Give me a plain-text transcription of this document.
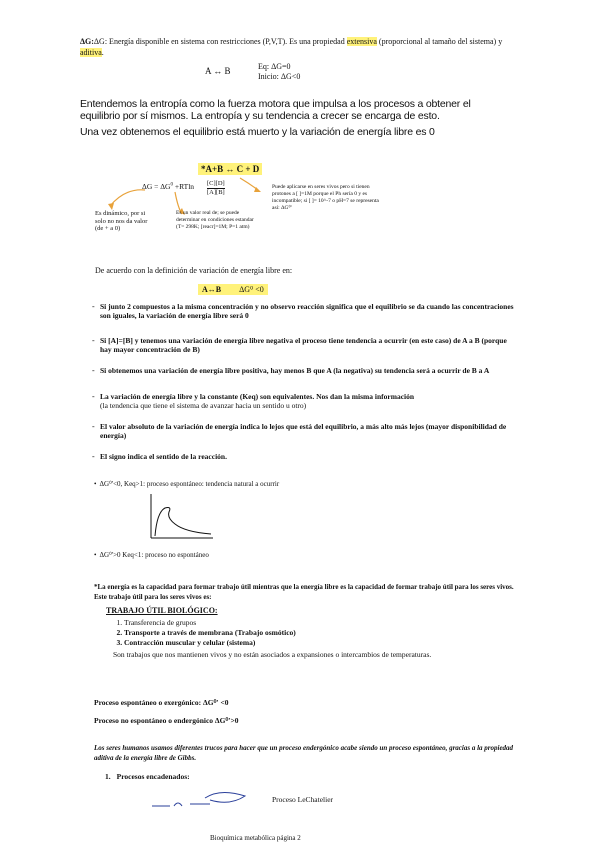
ΔG:ΔG: Energía disponible en sistema con restricciones (P,V,T). Es una propiedad extensiva (proporcional al tamaño del sistema) y aditiva.
A ↔ B	Eq: ΔG=0
Inicio: ΔG<0
Entendemos la entropía como la fuerza motora que impulsa a los procesos a obtener el equilibrio por sí mismos. La entropía y su tendencia a crecer se encarga de esto.
Una vez obtenemos el equilibrio está muerto y la variación de energía libre es 0
*A+B ↔ C + D
$\Delta G = \Delta G^0 +RTln \frac{[C][D]}{[A][B]}$
Es dinámico, por si solo no nos da valor (de + a 0)
Es un valor real de; se puede determinar en condiciones estandar (T= 298K; [reacr]=1M; P=1 atm)
Puede aplicarse en seres vivos pero si tienen protones a [ ]=1M porque el Ph sería 0 y es incompatible; si [ ]= 10^-7 o pH=7 se representa así: ΔG⁰'
De acuerdo con la definición de variación de energía libre en:
A↔B ΔG⁰ <0
- Si junto 2 compuestos a la misma concentración y no observo reacción significa que el equilibrio se da cuando las concentraciones son iguales, la variación de energía libre será 0
- Si [A]=[B] y tenemos una variación de energía libre negativa el proceso tiene tendencia a ocurrir (en este caso) de A a B (porque hay mayor concentración de B)
- Si obtenemos una variación de energía libre positiva, hay menos B que A (la negativa) su tendencia será a ocurrir de B a A
- La variación de energía libre y la constante (Keq) son equivalentes. Nos dan la misma información
(la tendencia que tiene el sistema de avanzar hacia un sentido u otro)
- El valor absoluto de la variación de energía indica lo lejos que está del equilibrio, a más alto más lejos (mayor disponibilidad de energía)
- El signo indica el sentido de la reacción.
• ΔG⁰'<0, Keq>1: proceso espontáneo: tendencia natural a ocurrir
• ΔG⁰'>0 Keq<1: proceso no espontáneo
*La energía es la capacidad para formar trabajo útil mientras que la energía libre es la capacidad de formar trabajo útil para los seres vivos. Este trabajo útil para los seres vivos es:
TRABAJO ÚTIL BIOLÓGICO:
1. Transferencia de grupos
2. Transporte a través de membrana (Trabajo osmótico)
3. Contracción muscular y celular (sistema)
Son trabajos que nos mantienen vivos y no están asociados a expansiones o intercambios de temperaturas.
Proceso espontáneo o exergónico: ΔG⁰' <0
Proceso no espontáneo o endergónico ΔG⁰'>0
Los seres humanos usamos diferentes trucos para hacer que un proceso endergónico acabe siendo un proceso espontáneo, gracias a la propiedad aditiva de la energía libre de Gibbs.
1. Procesos encadenados:
Proceso LeChatelier
Bioquímica metabólica página 2
